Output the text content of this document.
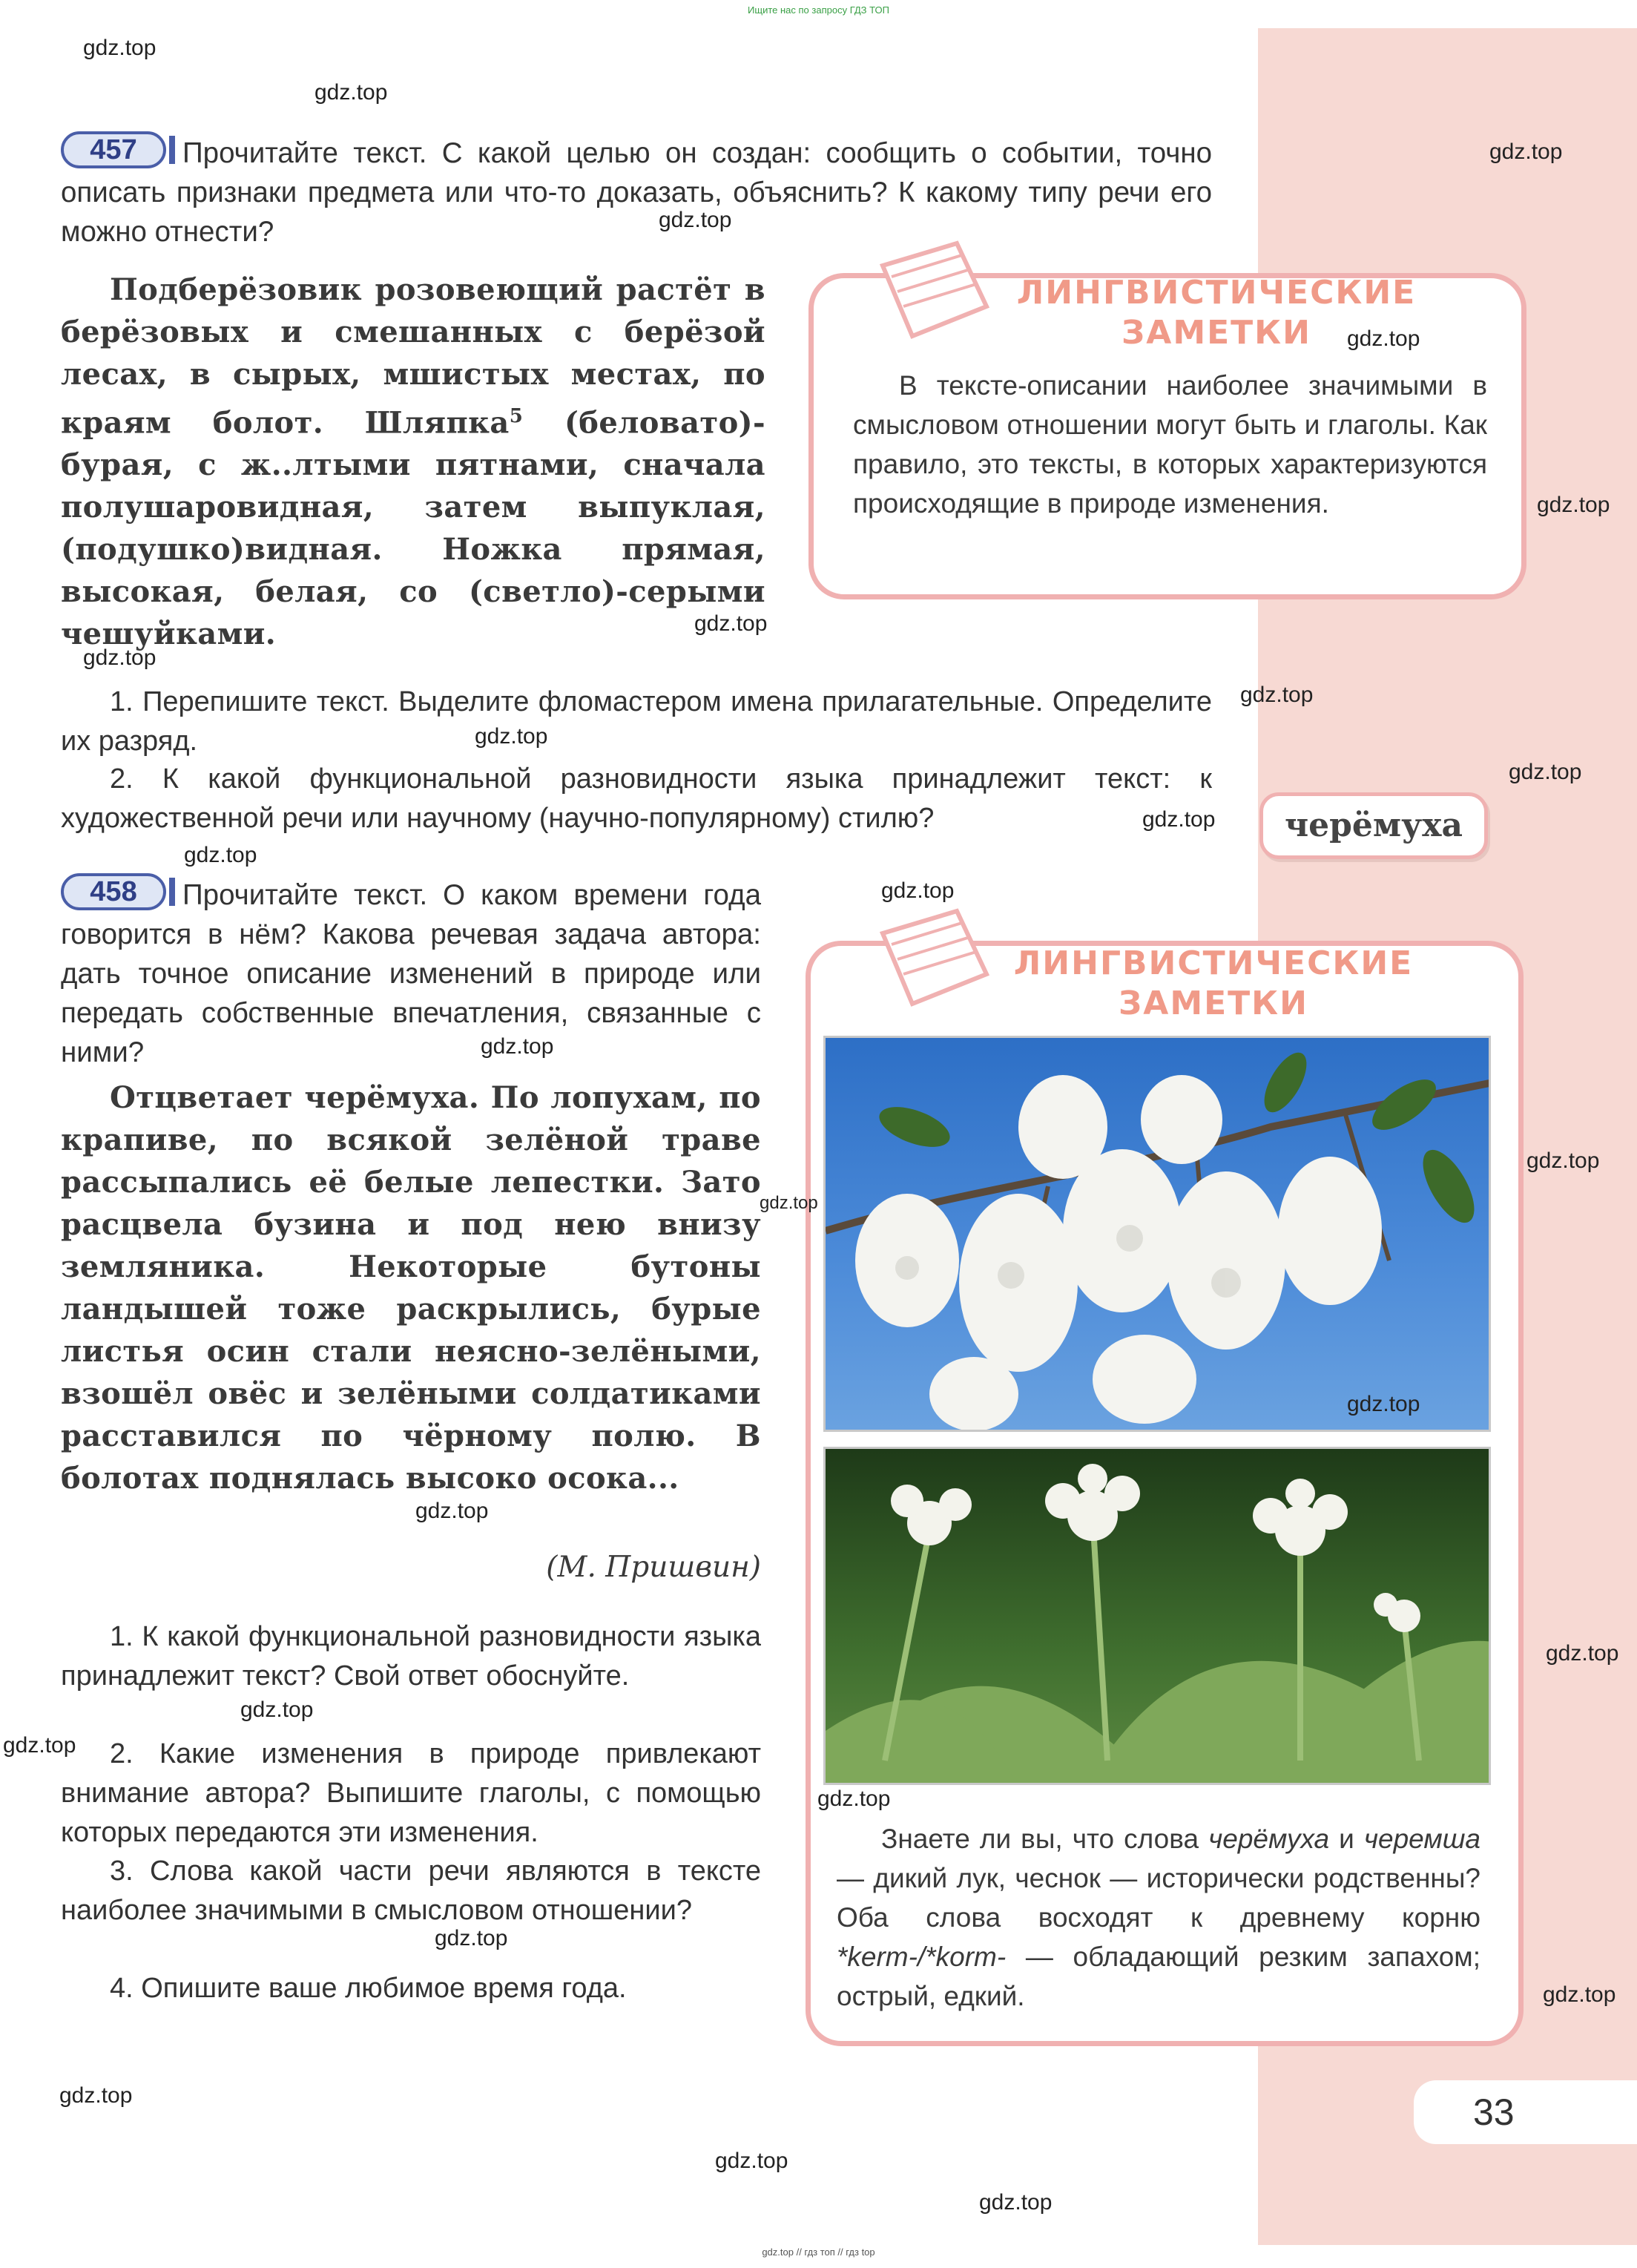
Ищите нас по запросу ГДЗ ТОП
457	Прочитайте текст. С какой целью он создан: сообщить о событии, точно описать признаки предмета или что-то доказать, объяснить? К какому типу речи его можно отнести?
Подберёзовик розовеющий растёт в берёзовых и смешанных с берёзой лесах, в сырых, мшистых местах, по краям болот. Шляпка$^5$ (беловато)-бурая, с ж..лтыми пятнами, сначала полушаровидная, затем выпуклая, (подушко)видная. Ножка прямая, высокая, белая, со (светло)-серыми чешуйками.
1. Перепишите текст. Выделите фломастером имена прилагательные. Определите их разряд.
2. К какой функциональной разновидности языка принадлежит текст: к художественной речи или научному (научно-популярному) стилю?
ЛИНГВИСТИЧЕСКИЕ
ЗАМЕТКИ
В тексте-описании наиболее значимыми в смысловом отношении могут быть и глаголы. Как правило, это тексты, в которых характеризуются происходящие в природе изменения.
черёмуха
458	Прочитайте текст. О каком времени года говорится в нём? Какова речевая задача автора: дать точное описание изменений в природе или передать собственные впечатления, связанные с ними?
Отцветает черёмуха. По лопухам, по крапиве, по всякой зелёной траве рассыпались её белые лепестки. Зато расцвела бузина и под нею внизу земляника. Некоторые бутоны ландышей тоже раскрылись, бурые листья осин стали неясно-зелёными, взошёл овёс и зелёными солдатиками расставился по чёрному полю. В болотах поднялась высоко осока...
(М. Пришвин)
1. К какой функциональной разновидности языка принадлежит текст? Свой ответ обоснуйте.
2. Какие изменения в природе привлекают внимание автора? Выпишите глаголы, с помощью которых передаются эти изменения.
3. Слова какой части речи являются в тексте наиболее значимыми в смысловом отношении?
4. Опишите ваше любимое время года.
ЛИНГВИСТИЧЕСКИЕ
ЗАМЕТКИ
Знаете ли вы, что слова черёмуха и черемша — дикий лук, чеснок — исторически родственны? Оба слова восходят к древнему корню *kerm-/*korm- — обладающий резким запахом; острый, едкий.
33
gdz.top
gdz.top
gdz.top
gdz.top
gdz.top
gdz.top
gdz.top
gdz.top
gdz.top
gdz.top
gdz.top
gdz.top
gdz.top
gdz.top
gdz.top
gdz.top
gdz.top
gdz.top
gdz.top
gdz.top
gdz.top
gdz.top
gdz.top
gdz.top
gdz.top
gdz.top
gdz.top
gdz.top
gdz.top // гдз топ // гдз top
